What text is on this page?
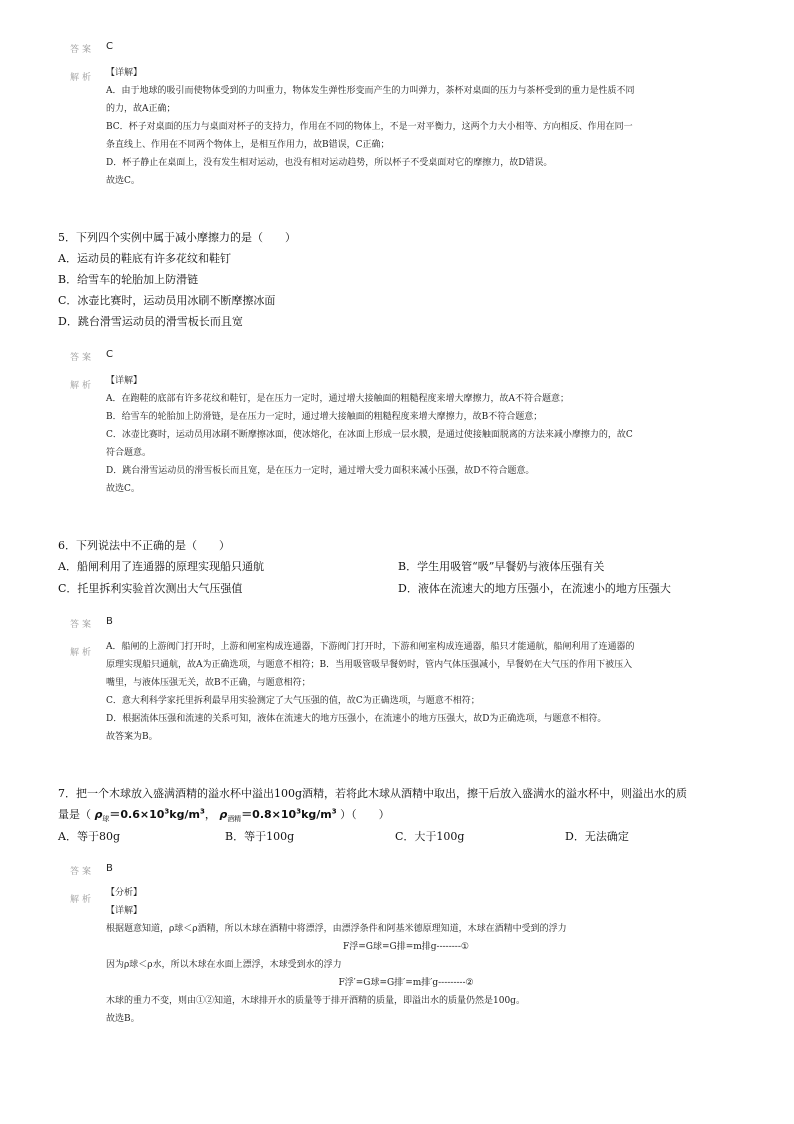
答案 C
解析 【详解】
A．由于地球的吸引而使物体受到的力叫重力，物体发生弹性形变而产生的力叫弹力，茶杯对桌面的压力与茶杯受到的重力是性质不同
的力，故A正确；
BC．杯子对桌面的压力与桌面对杯子的支持力，作用在不同的物体上，不是一对平衡力，这两个力大小相等、方向相反、作用在同一
条直线上、作用在不同两个物体上，是相互作用力，故B错误，C正确；
D．杯子静止在桌面上，没有发生相对运动，也没有相对运动趋势，所以杯子不受桌面对它的摩擦力，故D错误。
故选C。
5．下列四个实例中属于减小摩擦力的是（　　）
A．运动员的鞋底有许多花纹和鞋钉
B．给雪车的轮胎加上防滑链
C．冰壶比赛时，运动员用冰刷不断摩擦冰面
D．跳台滑雪运动员的滑雪板长而且宽
答案 C
解析 【详解】
A．在跑鞋的底部有许多花纹和鞋钉，是在压力一定时，通过增大接触面的粗糙程度来增大摩擦力，故A不符合题意；
B．给雪车的轮胎加上防滑链，是在压力一定时，通过增大接触面的粗糙程度来增大摩擦力，故B不符合题意；
C．冰壶比赛时，运动员用冰刷不断摩擦冰面，使冰熔化，在冰面上形成一层水膜，是通过使接触面脱离的方法来减小摩擦力的，故C
符合题意。
D．跳台滑雪运动员的滑雪板长而且宽，是在压力一定时，通过增大受力面积来减小压强，故D不符合题意。
故选C。
6．下列说法中不正确的是（　　）
A．船闸利用了连通器的原理实现船只通航	B．学生用吸管“吸”早餐奶与液体压强有关
C．托里拆利实验首次测出大气压强值	D．液体在流速大的地方压强小，在流速小的地方压强大
答案 B
解析
A．船闸的上游阀门打开时，上游和闸室构成连通器，下游阀门打开时，下游和闸室构成连通器，船只才能通航，船闸利用了连通器的
原理实现船只通航，故A为正确选项，与题意不相符；B．当用吸管吸早餐奶时，管内气体压强减小，早餐奶在大气压的作用下被压入
嘴里，与液体压强无关，故B不正确，与题意相符；
C．意大利科学家托里拆利最早用实验测定了大气压强的值，故C为正确选项，与题意不相符；
D．根据流体压强和流速的关系可知，液体在流速大的地方压强小，在流速小的地方压强大，故D为正确选项，与题意不相符。
故答案为B。
7．把一个木球放入盛满酒精的溢水杯中溢出100g酒精，若将此木球从酒精中取出，擦干后放入盛满水的溢水杯中，则溢出水的质
量是（ $\rho_球=0.6\times 10^3kg/m^3$， $\rho_{酒精}=0.8\times 10^3kg/m^3$ ）（　　）
A．等于80g	B．等于100g	C．大于100g	D．无法确定
答案 B
解析
【分析】
【详解】
根据题意知道，ρ球＜ρ酒精，所以木球在酒精中将漂浮，由漂浮条件和阿基米德原理知道，木球在酒精中受到的浮力
F浮=G球=G排=m排g--------①
因为ρ球＜ρ水，所以木球在水面上漂浮，木球受到水的浮力
F浮′=G球=G排′=m排′g---------②
木球的重力不变，则由①②知道，木球排开水的质量等于排开酒精的质量，即溢出水的质量仍然是100g。
故选B。
